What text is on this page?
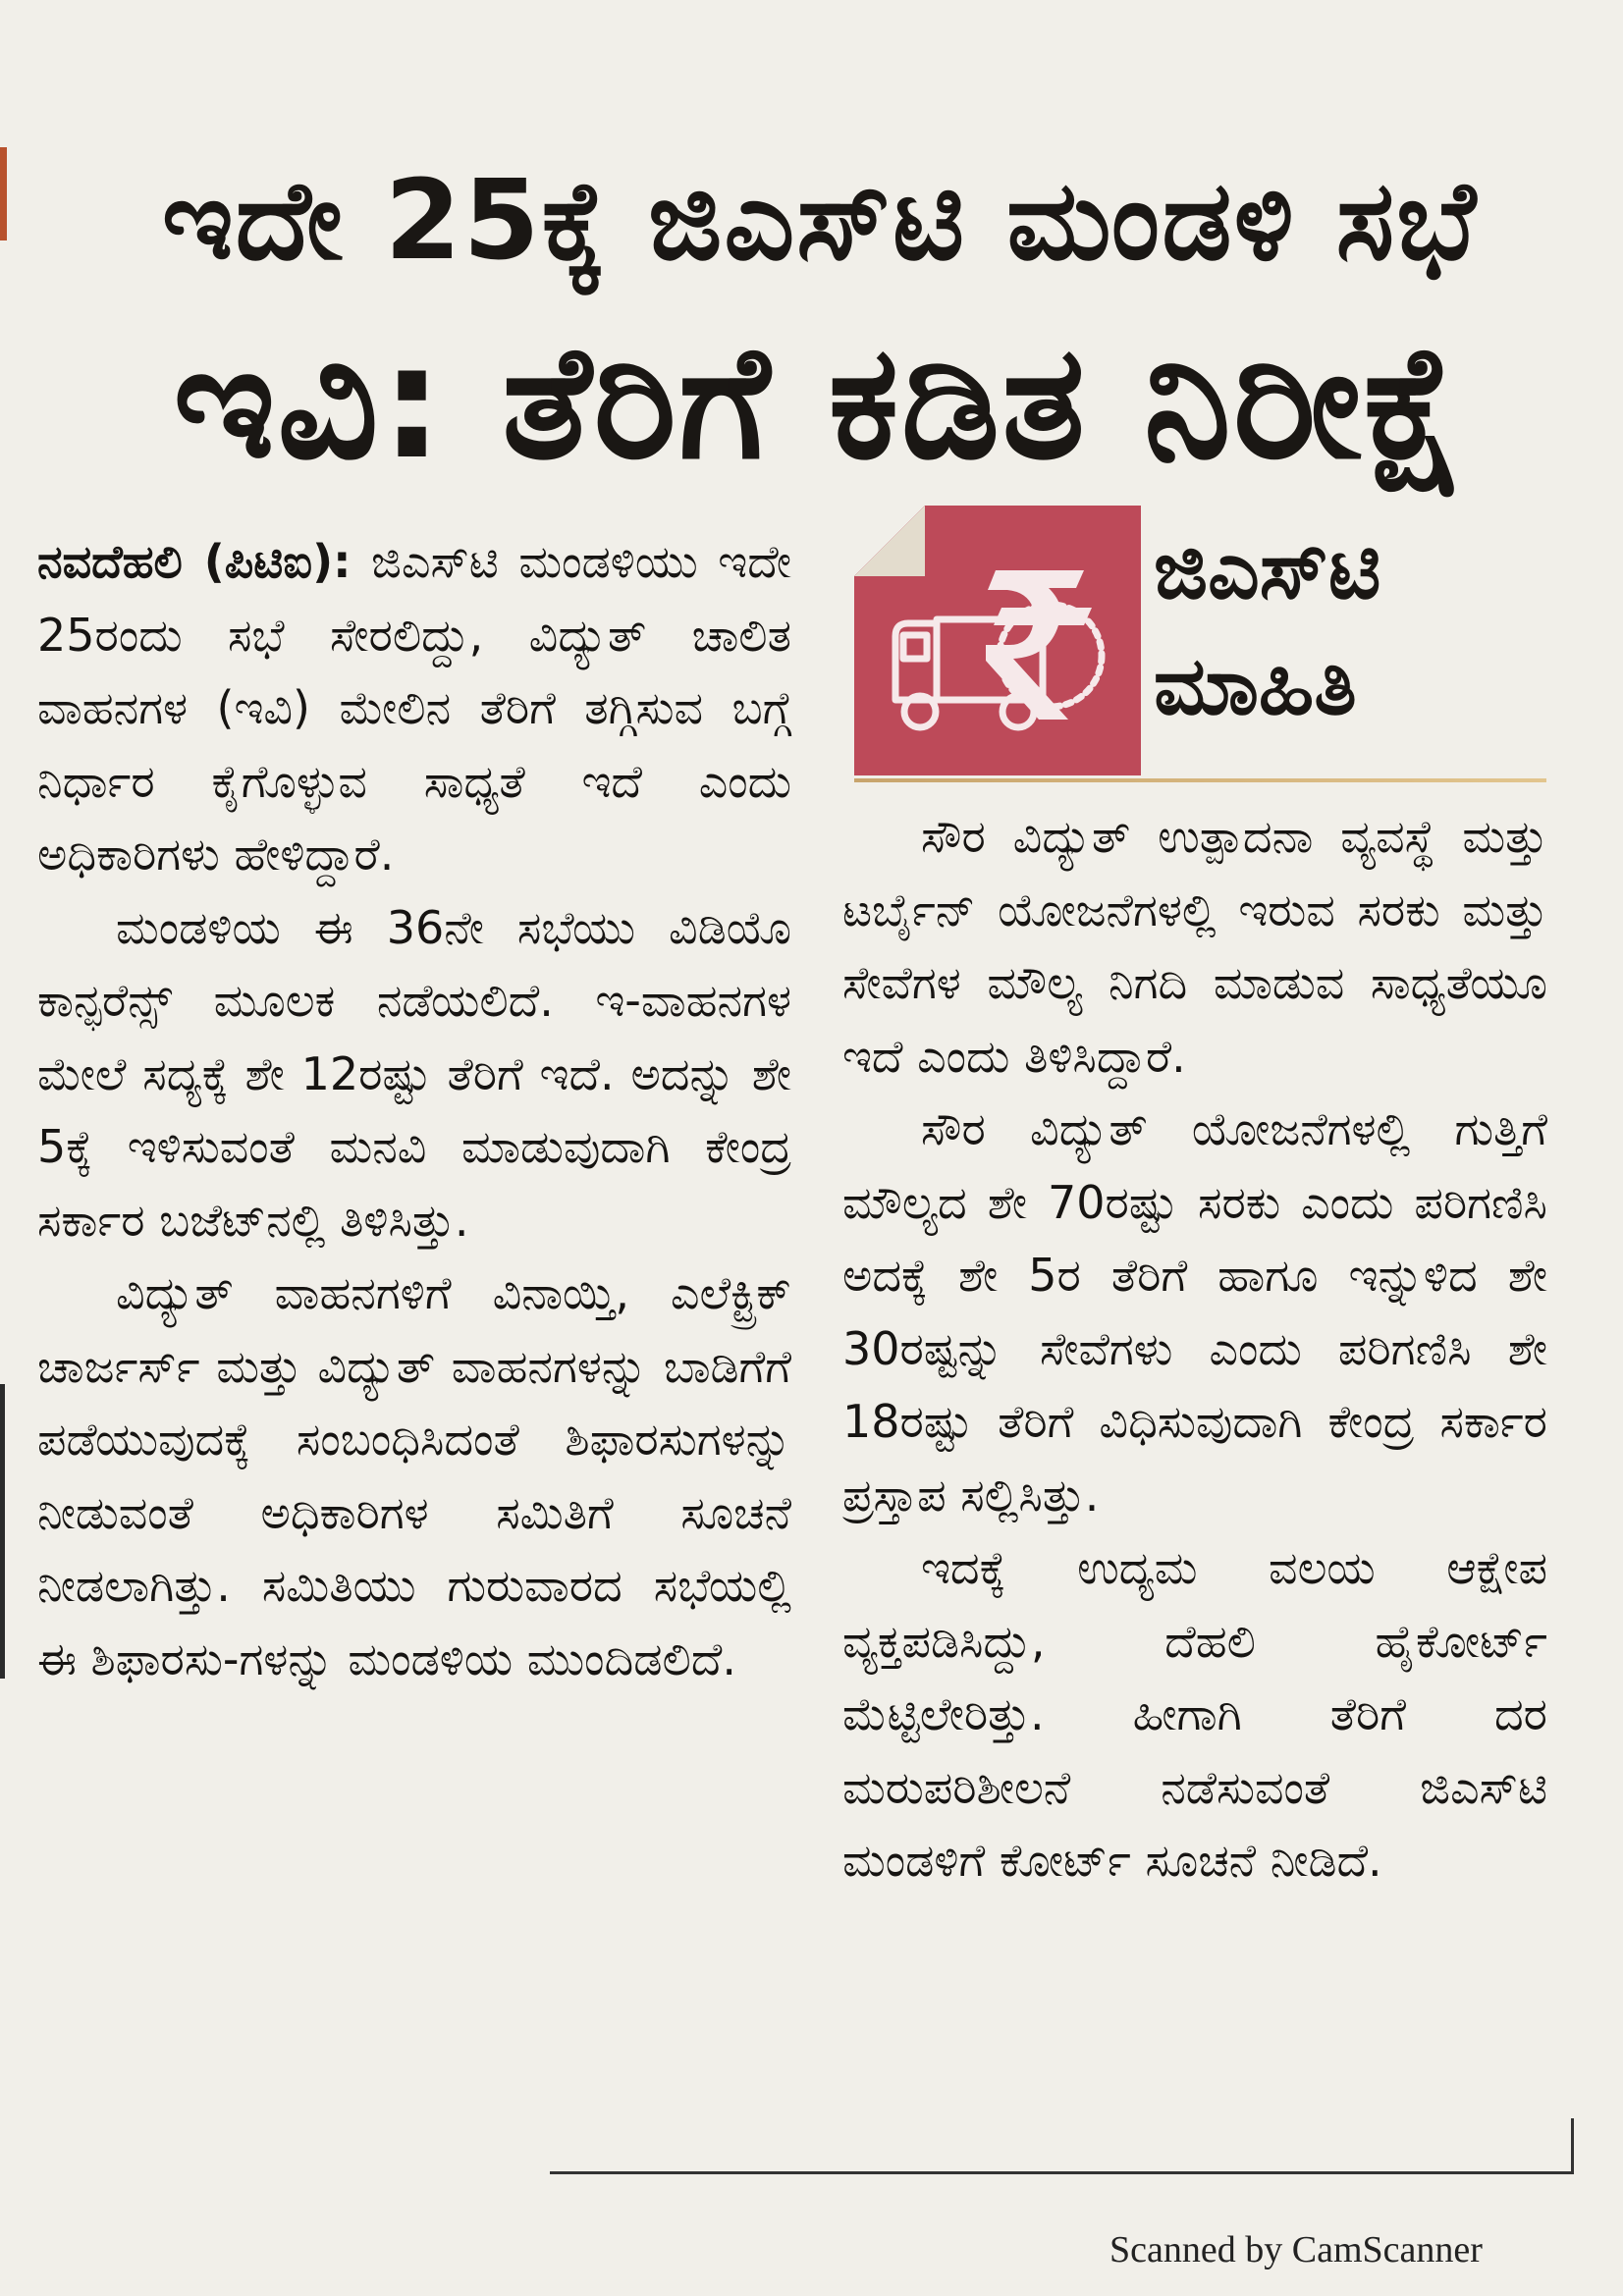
ಇದೇ 25ಕ್ಕೆ ಜಿಎಸ್‌ಟಿ ಮಂಡಳಿ ಸಭೆ
ಇವಿ: ತೆರಿಗೆ ಕಡಿತ ನಿರೀಕ್ಷೆ

ನವದೆಹಲಿ (ಪಿಟಿಐ): ಜಿಎಸ್‌ಟಿ ಮಂಡಳಿಯು ಇದೇ 25ರಂದು ಸಭೆ ಸೇರಲಿದ್ದು, ವಿದ್ಯುತ್ ಚಾಲಿತ ವಾಹನಗಳ (ಇವಿ) ಮೇಲಿನ ತೆರಿಗೆ ತಗ್ಗಿಸುವ ಬಗ್ಗೆ ನಿರ್ಧಾರ ಕೈಗೊಳ್ಳುವ ಸಾಧ್ಯತೆ ಇದೆ ಎಂದು ಅಧಿಕಾರಿಗಳು ಹೇಳಿದ್ದಾರೆ.

ಮಂಡಳಿಯ ಈ 36ನೇ ಸಭೆಯು ವಿಡಿಯೊ ಕಾನ್ಫರೆನ್ಸ್ ಮೂಲಕ ನಡೆಯಲಿದೆ. ಇ-ವಾಹನಗಳ ಮೇಲೆ ಸದ್ಯಕ್ಕೆ ಶೇ 12ರಷ್ಟು ತೆರಿಗೆ ಇದೆ. ಅದನ್ನು ಶೇ 5ಕ್ಕೆ ಇಳಿಸುವಂತೆ ಮನವಿ ಮಾಡುವುದಾಗಿ ಕೇಂದ್ರ ಸರ್ಕಾರ ಬಜೆಟ್‌ನಲ್ಲಿ ತಿಳಿಸಿತ್ತು.

ವಿದ್ಯುತ್ ವಾಹನಗಳಿಗೆ ವಿನಾಯ್ತಿ, ಎಲೆಕ್ಟ್ರಿಕ್ ಚಾರ್ಜರ್ಸ್ ಮತ್ತು ವಿದ್ಯುತ್ ವಾಹನಗಳನ್ನು ಬಾಡಿಗೆಗೆ ಪಡೆಯುವುದಕ್ಕೆ ಸಂಬಂಧಿಸಿದಂತೆ ಶಿಫಾರಸುಗಳನ್ನು ನೀಡುವಂತೆ ಅಧಿಕಾರಿಗಳ ಸಮಿತಿಗೆ ಸೂಚನೆ ನೀಡಲಾಗಿತ್ತು. ಸಮಿತಿಯು ಗುರುವಾರದ ಸಭೆಯಲ್ಲಿ ಈ ಶಿಫಾರಸು-ಗಳನ್ನು ಮಂಡಳಿಯ ಮುಂದಿಡಲಿದೆ.

ಜಿಎಸ್‌ಟಿ
ಮಾಹಿತಿ

ಸೌರ ವಿದ್ಯುತ್ ಉತ್ಪಾದನಾ ವ್ಯವಸ್ಥೆ ಮತ್ತು ಟರ್ಬೈನ್ ಯೋಜನೆಗಳಲ್ಲಿ ಇರುವ ಸರಕು ಮತ್ತು ಸೇವೆಗಳ ಮೌಲ್ಯ ನಿಗದಿ ಮಾಡುವ ಸಾಧ್ಯತೆಯೂ ಇದೆ ಎಂದು ತಿಳಿಸಿದ್ದಾರೆ.

ಸೌರ ವಿದ್ಯುತ್ ಯೋಜನೆಗಳಲ್ಲಿ ಗುತ್ತಿಗೆ ಮೌಲ್ಯದ ಶೇ 70ರಷ್ಟು ಸರಕು ಎಂದು ಪರಿಗಣಿಸಿ ಅದಕ್ಕೆ ಶೇ 5ರ ತೆರಿಗೆ ಹಾಗೂ ಇನ್ನುಳಿದ ಶೇ 30ರಷ್ಟನ್ನು ಸೇವೆಗಳು ಎಂದು ಪರಿಗಣಿಸಿ ಶೇ 18ರಷ್ಟು ತೆರಿಗೆ ವಿಧಿಸುವುದಾಗಿ ಕೇಂದ್ರ ಸರ್ಕಾರ ಪ್ರಸ್ತಾಪ ಸಲ್ಲಿಸಿತ್ತು.

ಇದಕ್ಕೆ ಉದ್ಯಮ ವಲಯ ಆಕ್ಷೇಪ ವ್ಯಕ್ತಪಡಿಸಿದ್ದು, ದೆಹಲಿ ಹೈಕೋರ್ಟ್ ಮೆಟ್ಟಿಲೇರಿತ್ತು. ಹೀಗಾಗಿ ತೆರಿಗೆ ದರ ಮರುಪರಿಶೀಲನೆ ನಡೆಸುವಂತೆ ಜಿಎಸ್‌ಟಿ ಮಂಡಳಿಗೆ ಕೋರ್ಟ್ ಸೂಚನೆ ನೀಡಿದೆ.

Scanned by CamScanner
